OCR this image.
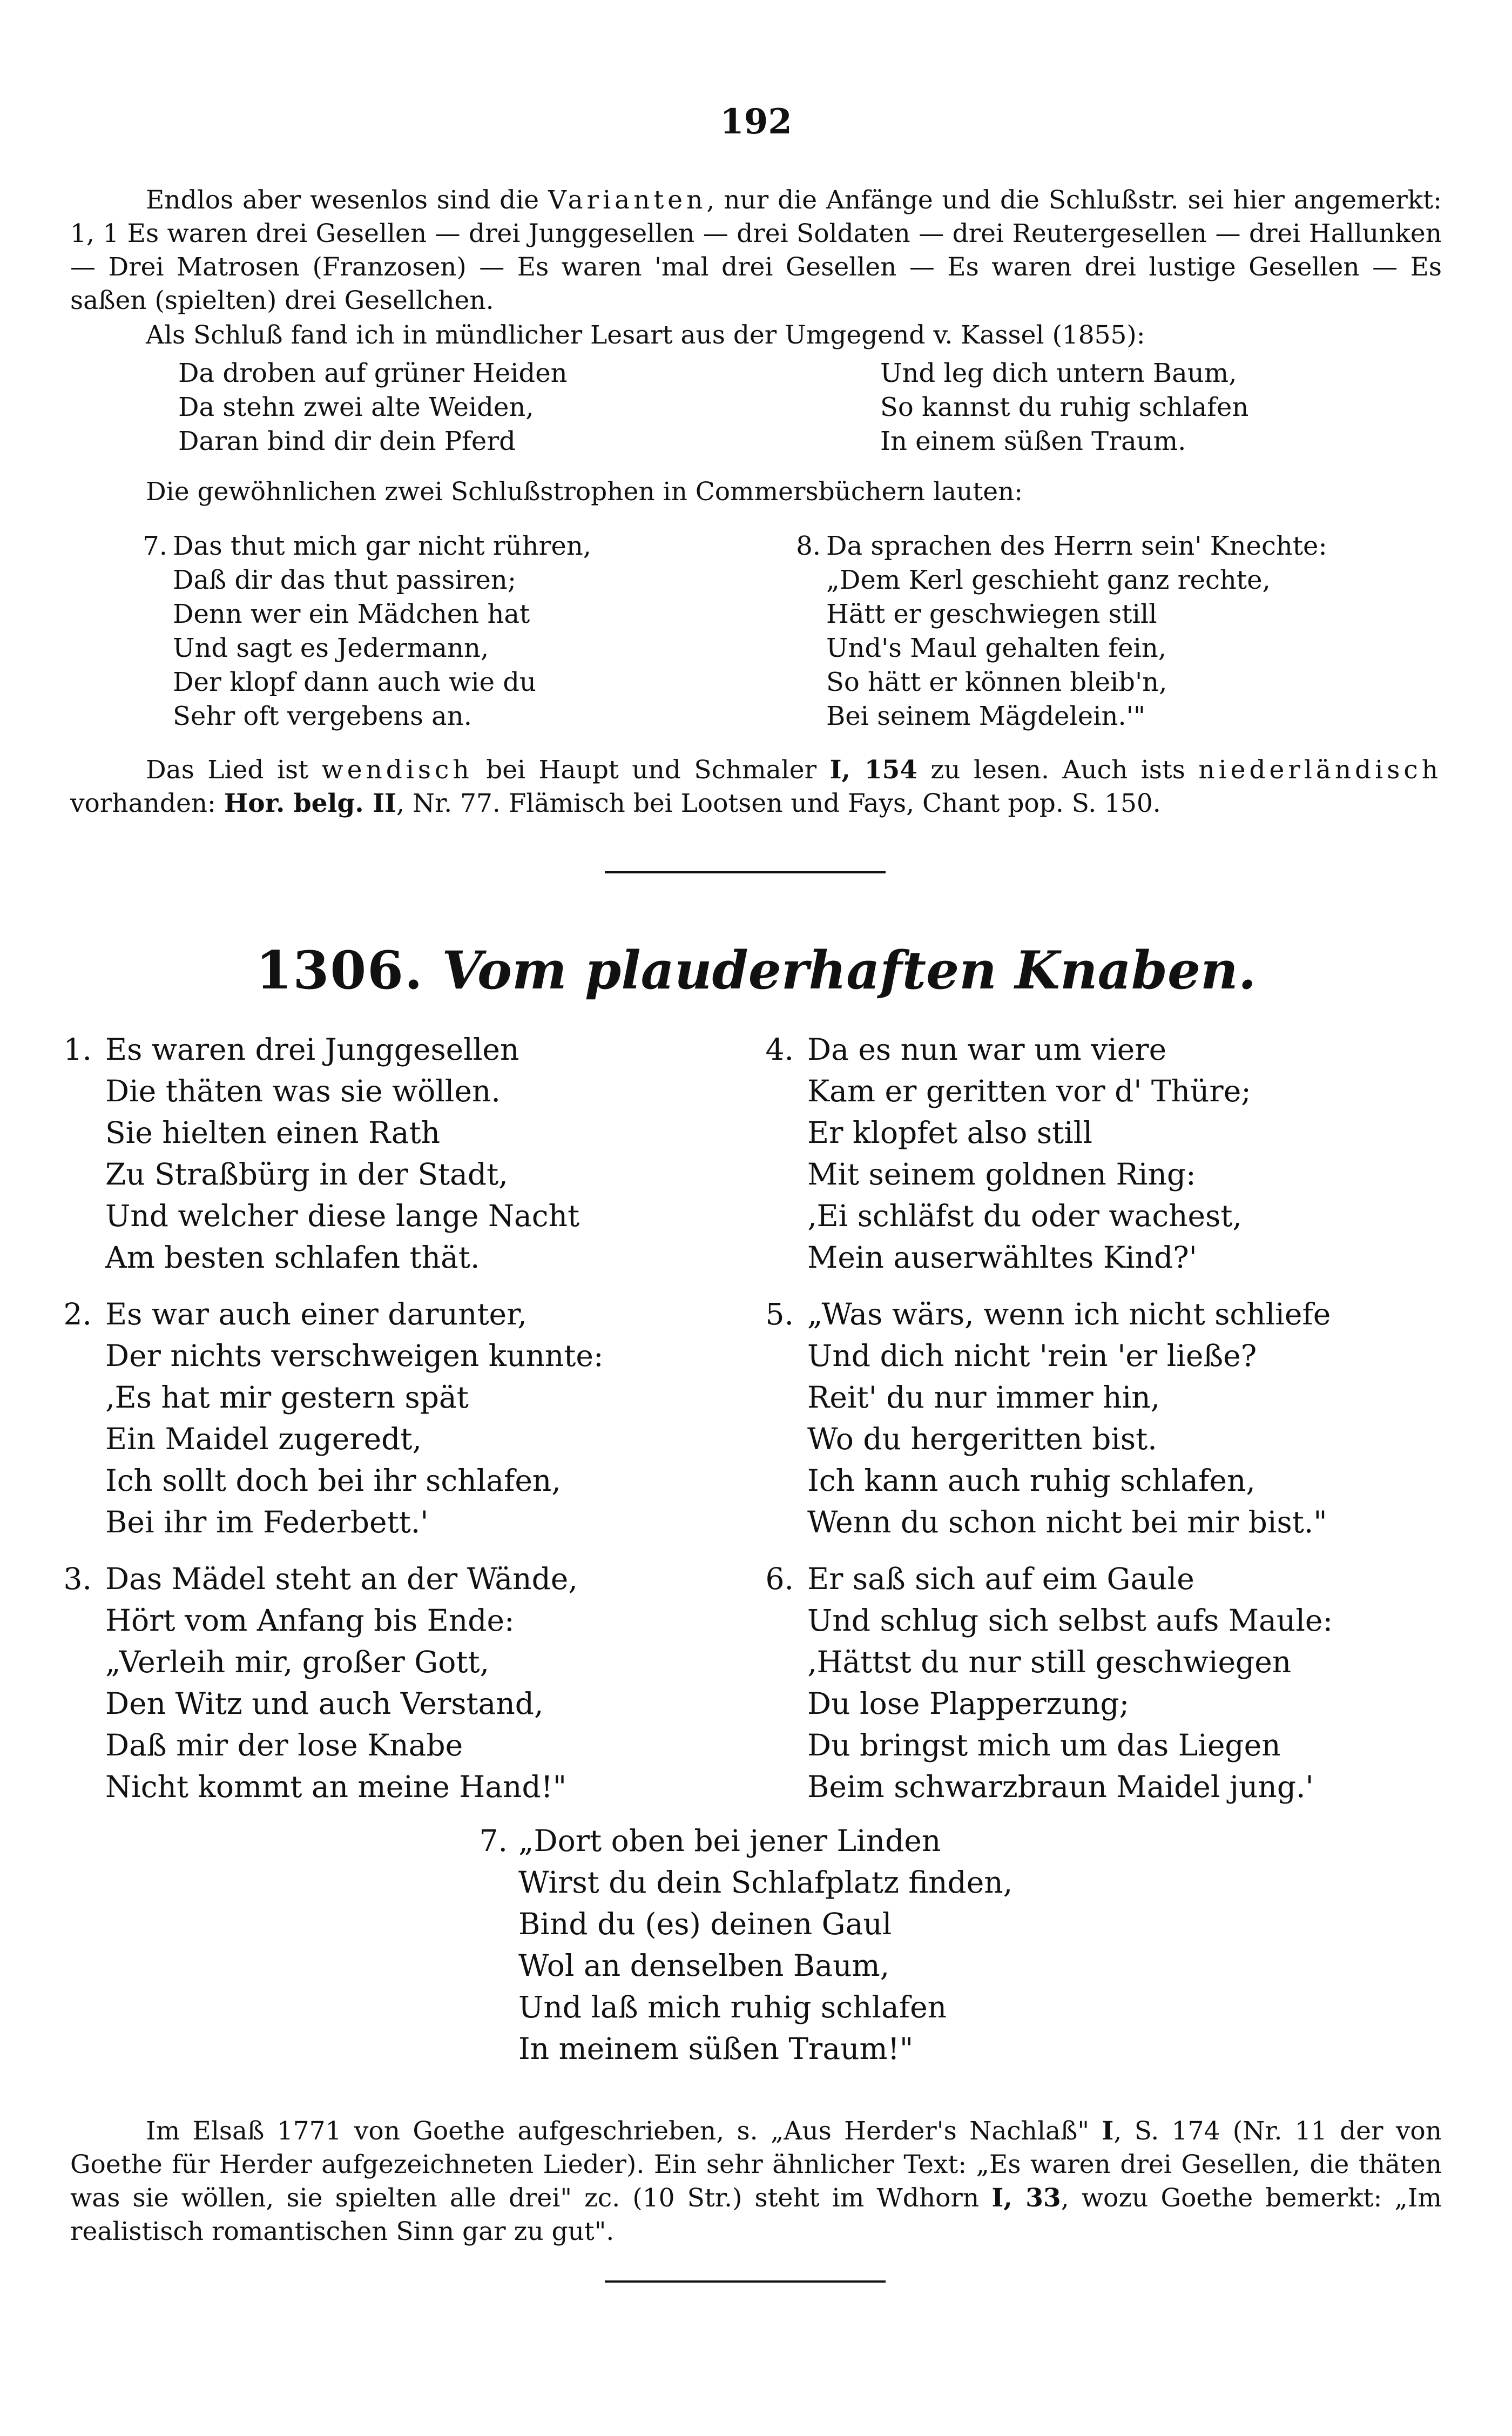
192

Endlos aber wesenlos sind die Varianten, nur die Anfänge und die Schlußstr. sei hier angemerkt: 1, 1 Es waren drei Gesellen — drei Junggesellen — drei Soldaten — drei Reutergesellen — drei Hallunken — Drei Matrosen (Franzosen) — Es waren 'mal drei Gesellen — Es waren drei lustige Gesellen — Es saßen (spielten) drei Gesellchen.

Als Schluß fand ich in mündlicher Lesart aus der Umgegend v. Kassel (1855):

Da droben auf grüner Heiden
Da stehn zwei alte Weiden,
Daran bind dir dein Pferd
Und leg dich untern Baum,
So kannst du ruhig schlafen
In einem süßen Traum.

Die gewöhnlichen zwei Schlußstrophen in Commersbüchern lauten:

7. Das thut mich gar nicht rühren,
Daß dir das thut passiren;
Denn wer ein Mädchen hat
Und sagt es Jedermann,
Der klopf dann auch wie du
Sehr oft vergebens an.
8. Da sprachen des Herrn sein' Knechte:
„Dem Kerl geschieht ganz rechte,
Hätt er geschwiegen still
Und's Maul gehalten fein,
So hätt er können bleib'n,
Bei seinem Mägdelein.'"

Das Lied ist wendisch bei Haupt und Schmaler I, 154 zu lesen. Auch ists niederländisch vorhanden: Hor. belg. II, Nr. 77. Flämisch bei Lootsen und Fays, Chant pop. S. 150.

1306. Vom plauderhaften Knaben.
1. Es waren drei Junggesellen
Die thäten was sie wöllen.
Sie hielten einen Rath
Zu Straßbürg in der Stadt,
Und welcher diese lange Nacht
Am besten schlafen thät.
2. Es war auch einer darunter,
Der nichts verschweigen kunnte:
‚Es hat mir gestern spät
Ein Maidel zugeredt,
Ich sollt doch bei ihr schlafen,
Bei ihr im Federbett.'
3. Das Mädel steht an der Wände,
Hört vom Anfang bis Ende:
„Verleih mir, großer Gott,
Den Witz und auch Verstand,
Daß mir der lose Knabe
Nicht kommt an meine Hand!"
4. Da es nun war um viere
Kam er geritten vor d' Thüre;
Er klopfet also still
Mit seinem goldnen Ring:
‚Ei schläfst du oder wachest,
Mein auserwähltes Kind?'
5. „Was wärs, wenn ich nicht schliefe
Und dich nicht 'rein 'er ließe?
Reit' du nur immer hin,
Wo du hergeritten bist.
Ich kann auch ruhig schlafen,
Wenn du schon nicht bei mir bist."
6. Er saß sich auf eim Gaule
Und schlug sich selbst aufs Maule:
‚Hättst du nur still geschwiegen
Du lose Plapperzung;
Du bringst mich um das Liegen
Beim schwarzbraun Maidel jung.'
7. „Dort oben bei jener Linden
Wirst du dein Schlafplatz finden,
Bind du (es) deinen Gaul
Wol an denselben Baum,
Und laß mich ruhig schlafen
In meinem süßen Traum!"

Im Elsaß 1771 von Goethe aufgeschrieben, s. „Aus Herder's Nachlaß" I, S. 174 (Nr. 11 der von Goethe für Herder aufgezeichneten Lieder). Ein sehr ähnlicher Text: „Es waren drei Gesellen, die thäten was sie wöllen, sie spielten alle drei" zc. (10 Str.) steht im Wdhorn I, 33, wozu Goethe bemerkt: „Im realistisch romantischen Sinn gar zu gut".
